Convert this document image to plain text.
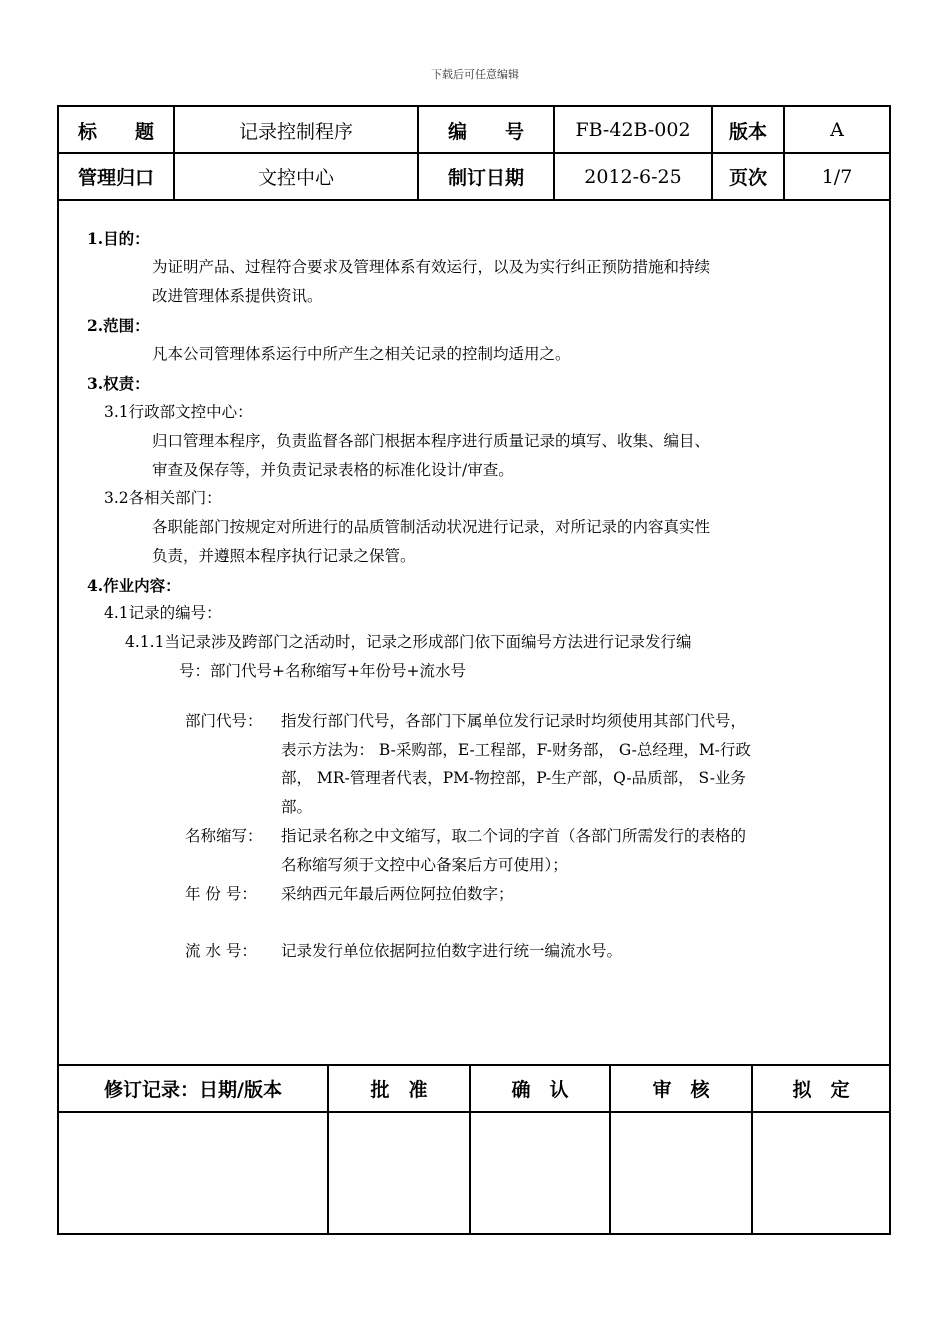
下载后可任意编辑
标　　题	记录控制程序	编　　号	FB-42B-002	版本	A
管理归口	文控中心	制订日期	2012-6-25	页次	1/7
1.目的：
为证明产品、过程符合要求及管理体系有效运行，以及为实行纠正预防措施和持续
改进管理体系提供资讯。
2.范围：
凡本公司管理体系运行中所产生之相关记录的控制均适用之。
3.权责：
3.1行政部文控中心：
归口管理本程序，负责监督各部门根据本程序进行质量记录的填写、收集、编目、
审查及保存等，并负责记录表格的标准化设计/审查。
3.2各相关部门：
各职能部门按规定对所进行的品质管制活动状况进行记录，对所记录的内容真实性
负责，并遵照本程序执行记录之保管。
4.作业内容：
4.1记录的编号：
4.1.1当记录涉及跨部门之活动时，记录之形成部门依下面编号方法进行记录发行编
号：部门代号+名称缩写+年份号+流水号
部门代号： 指发行部门代号，各部门下属单位发行记录时均须使用其部门代号，
表示方法为： B-采购部，E-工程部，F-财务部， G-总经理，M-行政
部， MR-管理者代表，PM-物控部，P-生产部，Q-品质部， S-业务
部。
名称缩写： 指记录名称之中文缩写，取二个词的字首（各部门所需发行的表格的
名称缩写须于文控中心备案后方可使用）；
年 份 号：	采纳西元年最后两位阿拉伯数字；
流 水 号：	记录发行单位依据阿拉伯数字进行统一编流水号。
修订记录：日期/版本	批　准	确　认	审　核	拟　定
